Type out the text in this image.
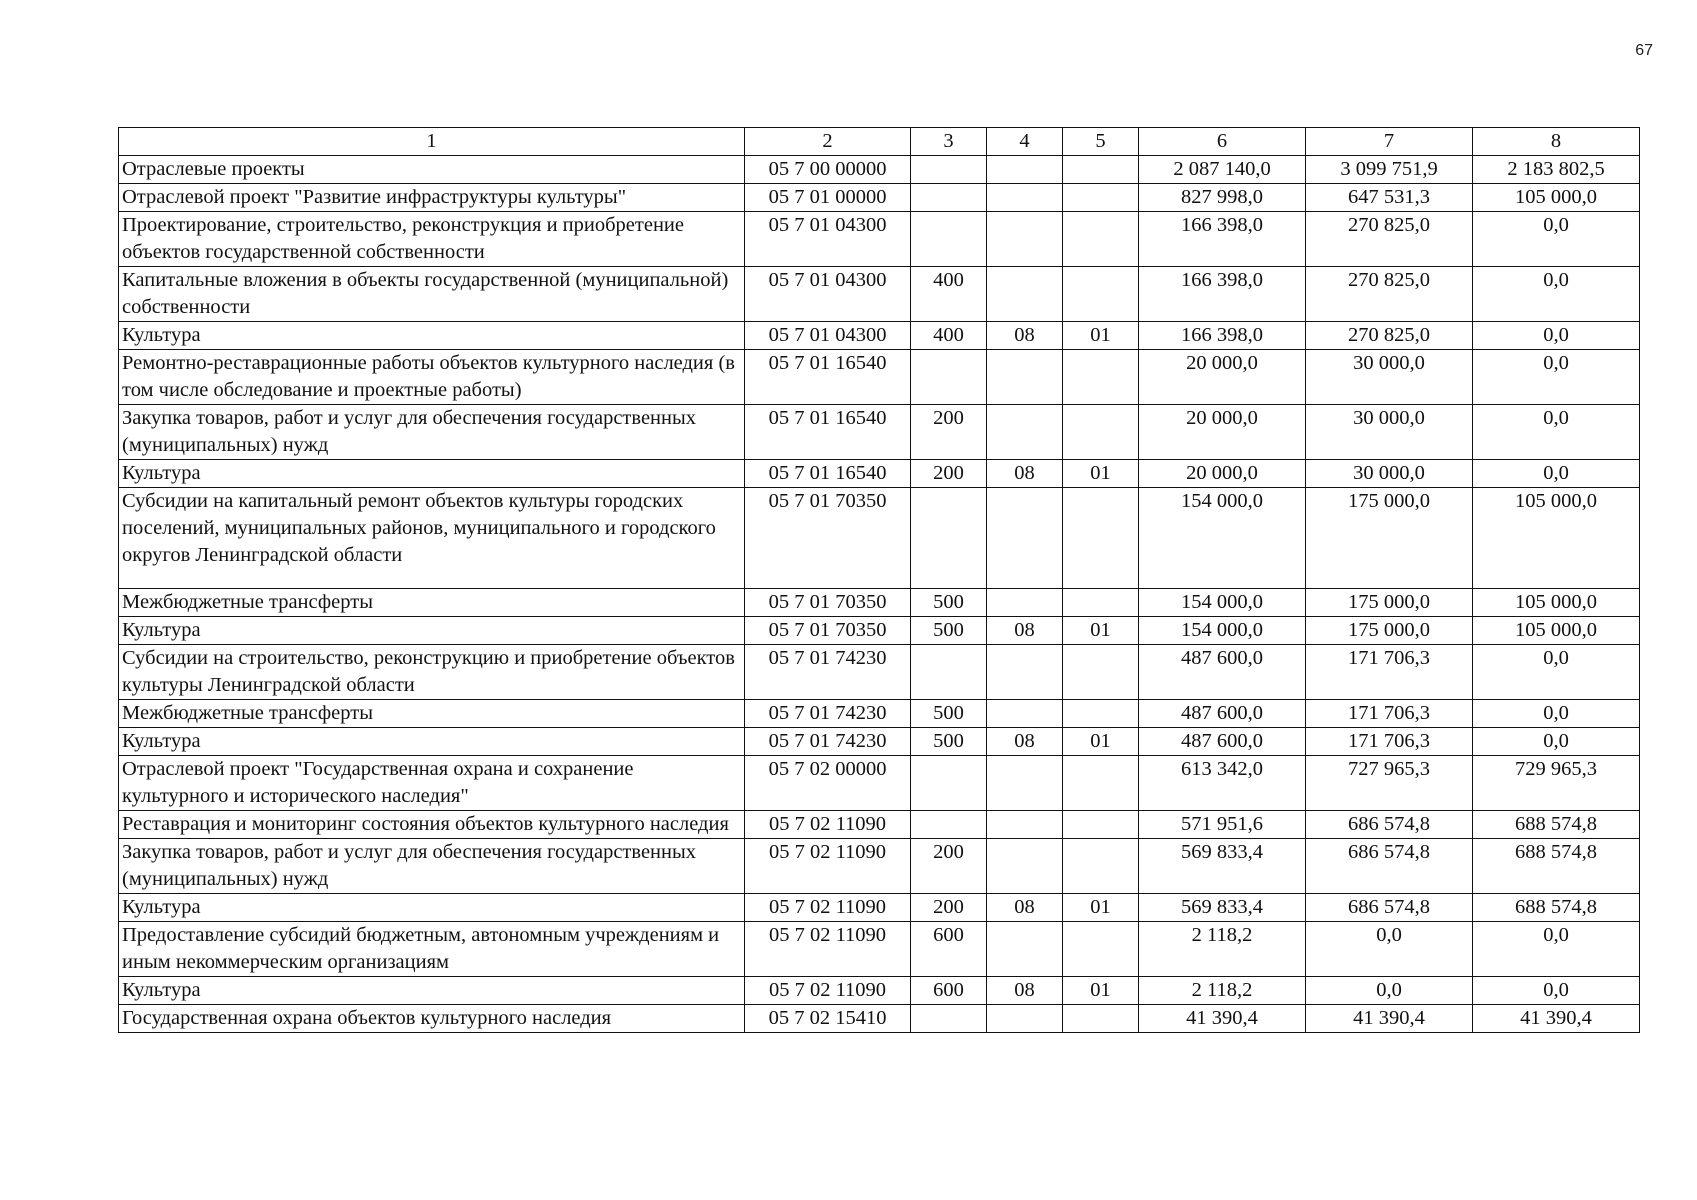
67
1	2	3	4	5	6	7	8
Отраслевые проекты	05 7 00 00000				2 087 140,0	3 099 751,9	2 183 802,5
Отраслевой проект "Развитие инфраструктуры культуры"	05 7 01 00000				827 998,0	647 531,3	105 000,0
Проектирование, строительство, реконструкция и приобретение объектов государственной собственности	05 7 01 04300				166 398,0	270 825,0	0,0
Капитальные вложения в объекты государственной (муниципальной) собственности	05 7 01 04300	400			166 398,0	270 825,0	0,0
Культура	05 7 01 04300	400	08	01	166 398,0	270 825,0	0,0
Ремонтно-реставрационные работы объектов культурного наследия (в том числе обследование и проектные работы)	05 7 01 16540				20 000,0	30 000,0	0,0
Закупка товаров, работ и услуг для обеспечения государственных (муниципальных) нужд	05 7 01 16540	200			20 000,0	30 000,0	0,0
Культура	05 7 01 16540	200	08	01	20 000,0	30 000,0	0,0
Субсидии на капитальный ремонт объектов культуры городских поселений, муниципальных районов, муниципального и городского округов Ленинградской области	05 7 01 70350				154 000,0	175 000,0	105 000,0
Межбюджетные трансферты	05 7 01 70350	500			154 000,0	175 000,0	105 000,0
Культура	05 7 01 70350	500	08	01	154 000,0	175 000,0	105 000,0
Субсидии на строительство, реконструкцию и приобретение объектов культуры Ленинградской области	05 7 01 74230				487 600,0	171 706,3	0,0
Межбюджетные трансферты	05 7 01 74230	500			487 600,0	171 706,3	0,0
Культура	05 7 01 74230	500	08	01	487 600,0	171 706,3	0,0
Отраслевой проект "Государственная охрана и сохранение культурного и исторического наследия"	05 7 02 00000				613 342,0	727 965,3	729 965,3
Реставрация и мониторинг состояния объектов культурного наследия	05 7 02 11090				571 951,6	686 574,8	688 574,8
Закупка товаров, работ и услуг для обеспечения государственных (муниципальных) нужд	05 7 02 11090	200			569 833,4	686 574,8	688 574,8
Культура	05 7 02 11090	200	08	01	569 833,4	686 574,8	688 574,8
Предоставление субсидий бюджетным, автономным учреждениям и иным некоммерческим организациям	05 7 02 11090	600			2 118,2	0,0	0,0
Культура	05 7 02 11090	600	08	01	2 118,2	0,0	0,0
Государственная охрана объектов культурного наследия	05 7 02 15410				41 390,4	41 390,4	41 390,4
